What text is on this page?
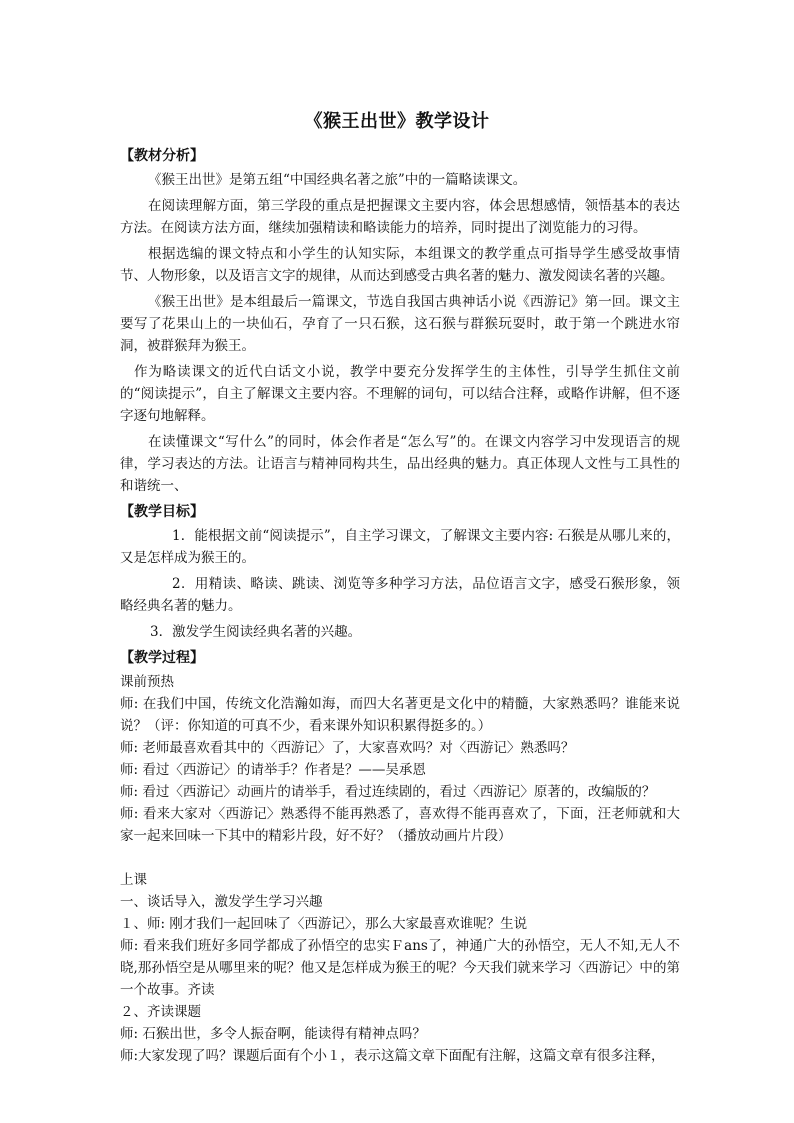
《猴王出世》教学设计
【教材分析】

《猴王出世》是第五组“中国经典名著之旅”中的一篇略读课文。

在阅读理解方面，第三学段的重点是把握课文主要内容，体会思想感情，领悟基本的表达方法。在阅读方法方面，继续加强精读和略读能力的培养，同时提出了浏览能力的习得。

根据选编的课文特点和小学生的认知实际，本组课文的教学重点可指导学生感受故事情节、人物形象，以及语言文字的规律，从而达到感受古典名著的魅力、激发阅读名著的兴趣。

《猴王出世》是本组最后一篇课文，节选自我国古典神话小说《西游记》第一回。课文主要写了花果山上的一块仙石，孕育了一只石猴，这石猴与群猴玩耍时，敢于第一个跳进水帘洞，被群猴拜为猴王。

作为略读课文的近代白话文小说，教学中要充分发挥学生的主体性，引导学生抓住文前的“阅读提示”，自主了解课文主要内容。不理解的词句，可以结合注释，或略作讲解，但不逐字逐句地解释。

在读懂课文“写什么”的同时，体会作者是“怎么写”的。在课文内容学习中发现语言的规律，学习表达的方法。让语言与精神同构共生，品出经典的魅力。真正体现人文性与工具性的和谐统一、

【教学目标】

1．能根据文前“阅读提示”，自主学习课文，了解课文主要内容: 石猴是从哪儿来的，又是怎样成为猴王的。

2．用精读、略读、跳读、浏览等多种学习方法，品位语言文字，感受石猴形象，领略经典名著的魅力。

3．激发学生阅读经典名著的兴趣。

【教学过程】

课前预热

师: 在我们中国，传统文化浩瀚如海，而四大名著更是文化中的精髓，大家熟悉吗？谁能来说说？（评：你知道的可真不少，看来课外知识积累得挺多的。）

师: 老师最喜欢看其中的〈西游记〉了，大家喜欢吗？对〈西游记〉熟悉吗？

师: 看过〈西游记〉的请举手？作者是？——吴承恩

师: 看过〈西游记〉动画片的请举手，看过连续剧的，看过〈西游记〉原著的，改编版的？

师: 看来大家对〈西游记〉熟悉得不能再熟悉了，喜欢得不能再喜欢了，下面，汪老师就和大家一起来回味一下其中的精彩片段，好不好？（播放动画片片段）

上课

一、谈话导入，激发学生学习兴趣

１、师: 刚才我们一起回味了〈西游记〉，那么大家最喜欢谁呢？生说

师: 看来我们班好多同学都成了孙悟空的忠实Ｆans了，神通广大的孙悟空，无人不知,无人不晓,那孙悟空是从哪里来的呢？他又是怎样成为猴王的呢？今天我们就来学习〈西游记〉中的第一个故事。齐读

２、齐读课题

师: 石猴出世，多令人振奋啊，能读得有精神点吗？

师:大家发现了吗？课题后面有个小１，表示这篇文章下面配有注解，这篇文章有很多注释，
